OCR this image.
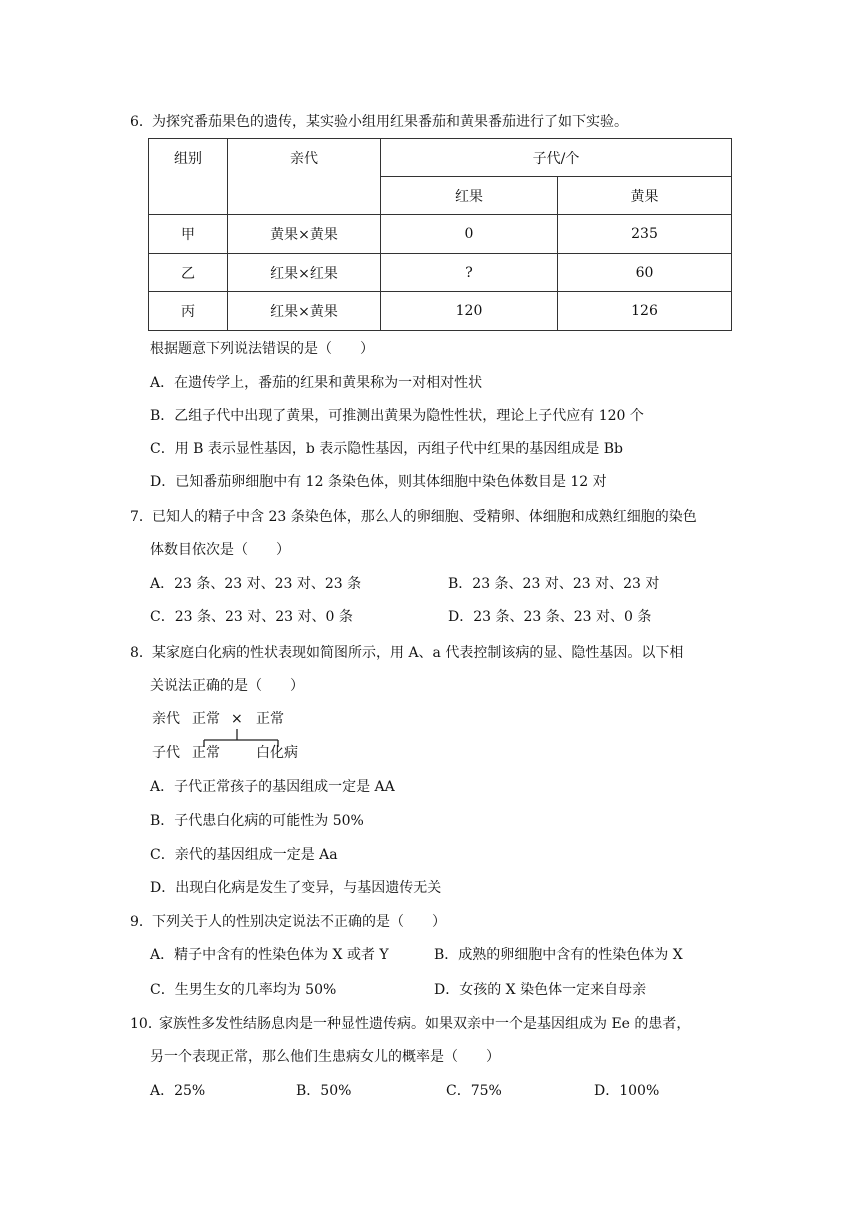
6． 为探究番茄果色的遗传，某实验小组用红果番茄和黄果番茄进行了如下实验。
组别	亲代	子代/个	
		红果	黄果
甲	黄果×黄果	0	235
乙	红果×红果	?	60
丙	红果×黄果	120	126
根据题意下列说法错误的是（　　）
A．在遗传学上，番茄的红果和黄果称为一对相对性状
B．乙组子代中出现了黄果，可推测出黄果为隐性性状，理论上子代应有 120 个
C．用 B 表示显性基因，b 表示隐性基因，丙组子代中红果的基因组成是 Bb
D．已知番茄卵细胞中有 12 条染色体，则其体细胞中染色体数目是 12 对
7． 已知人的精子中含 23 条染色体，那么人的卵细胞、受精卵、体细胞和成熟红细胞的染色
体数目依次是（　　）
A．23 条、23 对、23 对、23 条	B．23 条、23 对、23 对、23 对
C．23 条、23 对、23 对、0 条	D．23 条、23 条、23 对、0 条
8． 某家庭白化病的性状表现如简图所示，用 A、a 代表控制该病的显、隐性基因。以下相
关说法正确的是（　　）
亲代 正常 × 正常
子代 正常	白化病
A．子代正常孩子的基因组成一定是 AA
B．子代患白化病的可能性为 50%
C．亲代的基因组成一定是 Aa
D．出现白化病是发生了变异，与基因遗传无关
9． 下列关于人的性别决定说法不正确的是（　　）
A．精子中含有的性染色体为 X 或者 Y	B．成熟的卵细胞中含有的性染色体为 X
C．生男生女的几率均为 50%	D．女孩的 X 染色体一定来自母亲
10．
家族性多发性结肠息肉是一种显性遗传病。如果双亲中一个是基因组成为 Ee 的患者，
另一个表现正常，那么他们生患病女儿的概率是（　　）
A．25%	B．50%	C．75%	D．100%
